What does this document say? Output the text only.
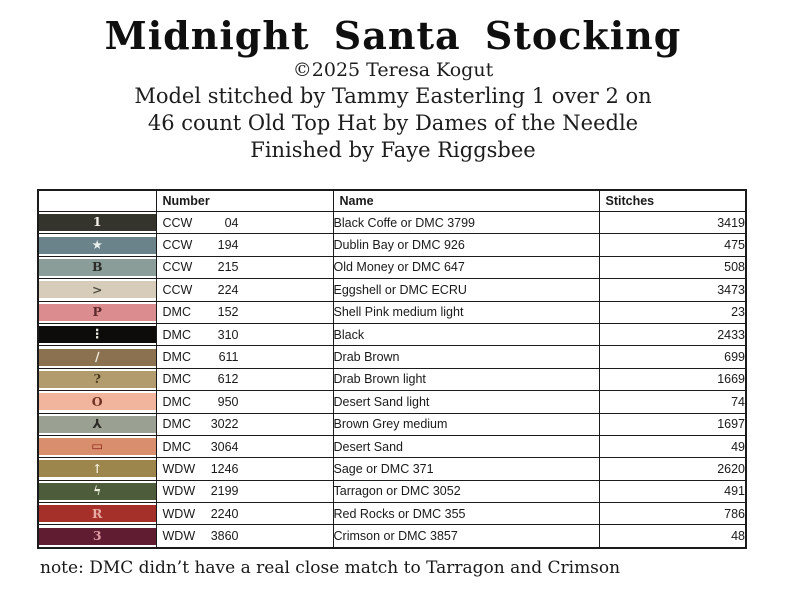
Midnight Santa Stocking
©2025 Teresa Kogut
Model stitched by Tammy Easterling 1 over 2 on
46 count Old Top Hat by Dames of the Needle
Finished by Faye Riggsbee
	Number	Name	Stitches

1	CCW 04	Black Coffe or DMC 3799	3419

★	CCW 194	Dublin Bay or DMC 926	475

B	CCW 215	Old Money or DMC 647	508

>	CCW 224	Eggshell or DMC ECRU	3473

P	DMC 152	Shell Pink medium light	23

⋮	DMC 310	Black	2433

∕	DMC 611	Drab Brown	699

?	DMC 612	Drab Brown light	1669

O	DMC 950	Desert Sand light	74

⅄	DMC 3022	Brown Grey medium	1697

▭	DMC 3064	Desert Sand	49

↑	WDW 1246	Sage or DMC 371	2620

ϟ	WDW 2199	Tarragon or DMC 3052	491

R	WDW 2240	Red Rocks or DMC 355	786

3	WDW 3860	Crimson or DMC 3857	48
note: DMC didn’t have a real close match to Tarragon and Crimson
